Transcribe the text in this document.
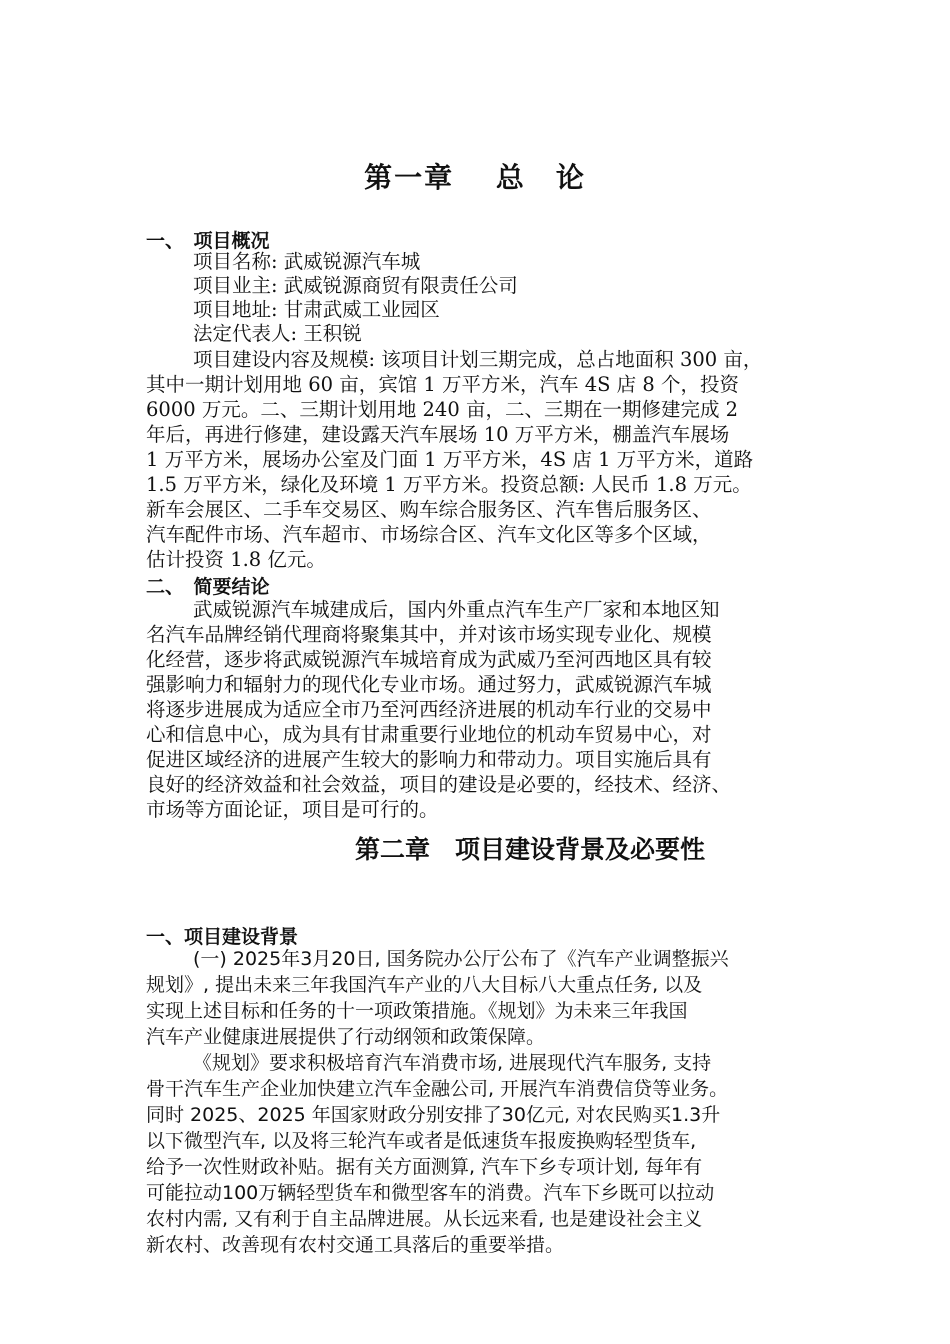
第一章　 总　论
一、　项目概况
项目名称: 武威锐源汽车城
项目业主: 武威锐源商贸有限责任公司
项目地址: 甘肃武威工业园区
法定代表人: 王积锐
项目建设内容及规模: 该项目计划三期完成，总占地面积 300 亩，
其中一期计划用地 60 亩，宾馆 1 万平方米，汽车 4S 店 8 个，投资
6000 万元。二、三期计划用地 240 亩，二、三期在一期修建完成 2
年后，再进行修建，建设露天汽车展场 10 万平方米，棚盖汽车展场
1 万平方米，展场办公室及门面 1 万平方米，4S 店 1 万平方米，道路
1.5 万平方米，绿化及环境 1 万平方米。投资总额: 人民币 1.8 万元。
新车会展区、二手车交易区、购车综合服务区、汽车售后服务区、
汽车配件市场、汽车超市、市场综合区、汽车文化区等多个区域，
估计投资 1.8 亿元。
二、　简要结论
武威锐源汽车城建成后，国内外重点汽车生产厂家和本地区知
名汽车品牌经销代理商将聚集其中，并对该市场实现专业化、规模
化经营，逐步将武威锐源汽车城培育成为武威乃至河西地区具有较
强影响力和辐射力的现代化专业市场。通过努力，武威锐源汽车城
将逐步进展成为适应全市乃至河西经济进展的机动车行业的交易中
心和信息中心，成为具有甘肃重要行业地位的机动车贸易中心，对
促进区域经济的进展产生较大的影响力和带动力。项目实施后具有
良好的经济效益和社会效益，项目的建设是必要的，经技术、经济、
市场等方面论证，项目是可行的。
第二章　项目建设背景及必要性
一、项目建设背景
(一) 2025年3月20日, 国务院办公厅公布了《汽车产业调整振兴
规划》, 提出未来三年我国汽车产业的八大目标八大重点任务, 以及
实现上述目标和任务的十一项政策措施。《规划》为未来三年我国
汽车产业健康进展提供了行动纲领和政策保障。
《规划》要求积极培育汽车消费市场, 进展现代汽车服务, 支持
骨干汽车生产企业加快建立汽车金融公司, 开展汽车消费信贷等业务。
同时 2025、2025 年国家财政分别安排了30亿元, 对农民购买1.3升
以下微型汽车, 以及将三轮汽车或者是低速货车报废换购轻型货车,
给予一次性财政补贴。据有关方面测算, 汽车下乡专项计划, 每年有
可能拉动100万辆轻型货车和微型客车的消费。汽车下乡既可以拉动
农村内需, 又有利于自主品牌进展。从长远来看, 也是建设社会主义
新农村、改善现有农村交通工具落后的重要举措。
